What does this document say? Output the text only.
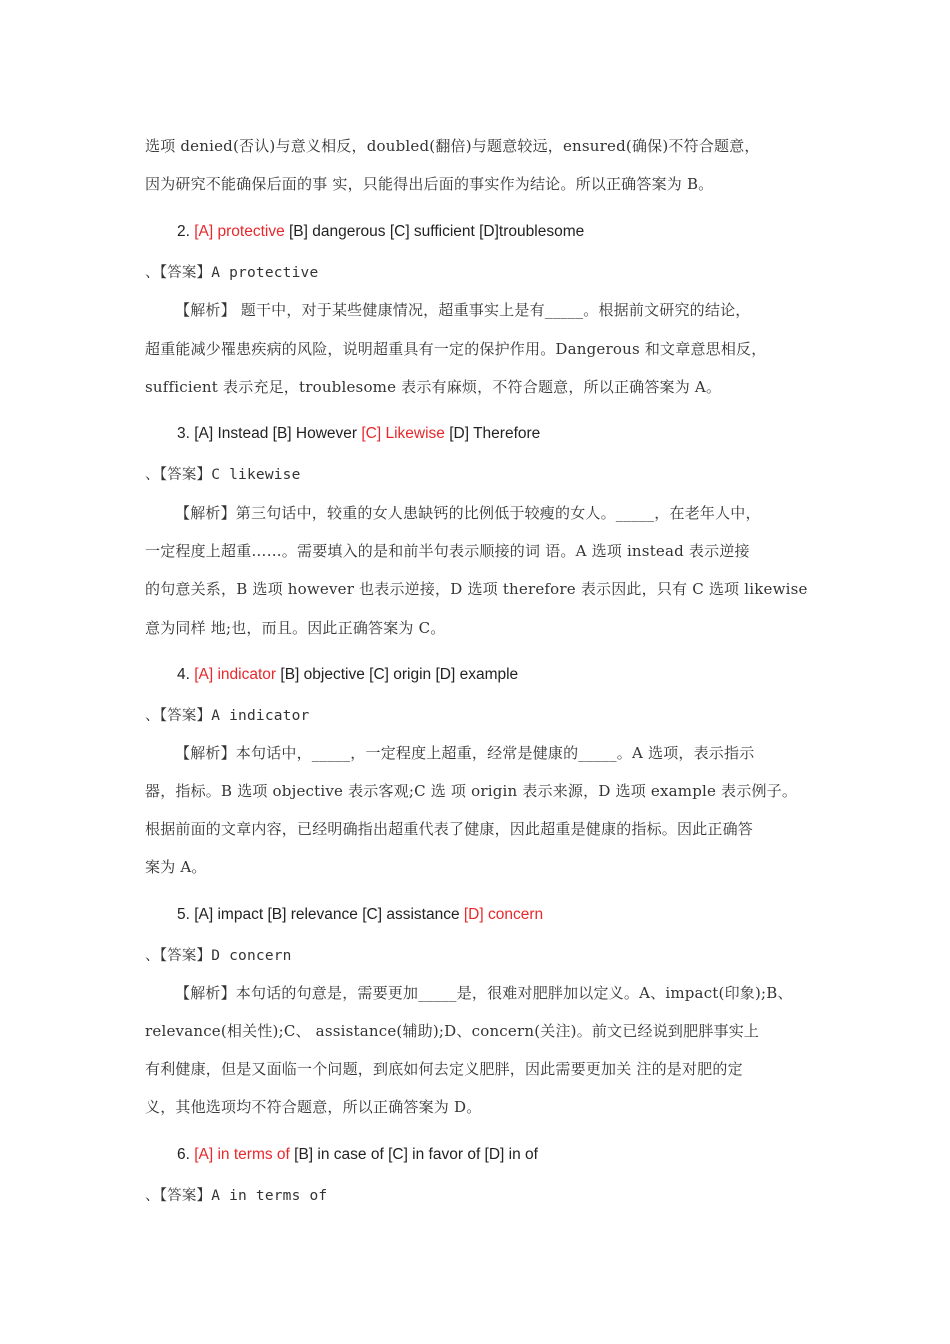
选项 denied(否认)与意义相反，doubled(翻倍)与题意较远，ensured(确保)不符合题意，
因为研究不能确保后面的事 实，只能得出后面的事实作为结论。所以正确答案为 B。
2. [A] protective [B] dangerous [C] sufficient [D]troublesome
、【答案】A protective
【解析】 题干中，对于某些健康情况，超重事实上是有_____。根据前文研究的结论，
超重能减少罹患疾病的风险，说明超重具有一定的保护作用。Dangerous 和文章意思相反，
sufficient 表示充足，troublesome 表示有麻烦，不符合题意，所以正确答案为 A。
3. [A] Instead [B] However [C] Likewise [D] Therefore
、【答案】C likewise
【解析】第三句话中，较重的女人患缺钙的比例低于较瘦的女人。_____，在老年人中，
一定程度上超重……。需要填入的是和前半句表示顺接的词 语。A 选项 instead 表示逆接
的句意关系，B 选项 however 也表示逆接，D 选项 therefore 表示因此，只有 C 选项 likewise
意为同样 地;也，而且。因此正确答案为 C。
4. [A] indicator [B] objective [C] origin [D] example
、【答案】A indicator
【解析】本句话中，_____，一定程度上超重，经常是健康的_____。A 选项，表示指示
器，指标。B 选项 objective 表示客观;C 选 项 origin 表示来源，D 选项 example 表示例子。
根据前面的文章内容，已经明确指出超重代表了健康，因此超重是健康的指标。因此正确答
案为 A。
5. [A] impact [B] relevance [C] assistance [D] concern
、【答案】D concern
【解析】本句话的句意是，需要更加_____是，很难对肥胖加以定义。A、impact(印象);B、
relevance(相关性);C、 assistance(辅助);D、concern(关注)。前文已经说到肥胖事实上
有利健康，但是又面临一个问题，到底如何去定义肥胖，因此需要更加关 注的是对肥的定
义，其他选项均不符合题意，所以正确答案为 D。
6. [A] in terms of [B] in case of [C] in favor of [D] in of
、【答案】A in terms of
